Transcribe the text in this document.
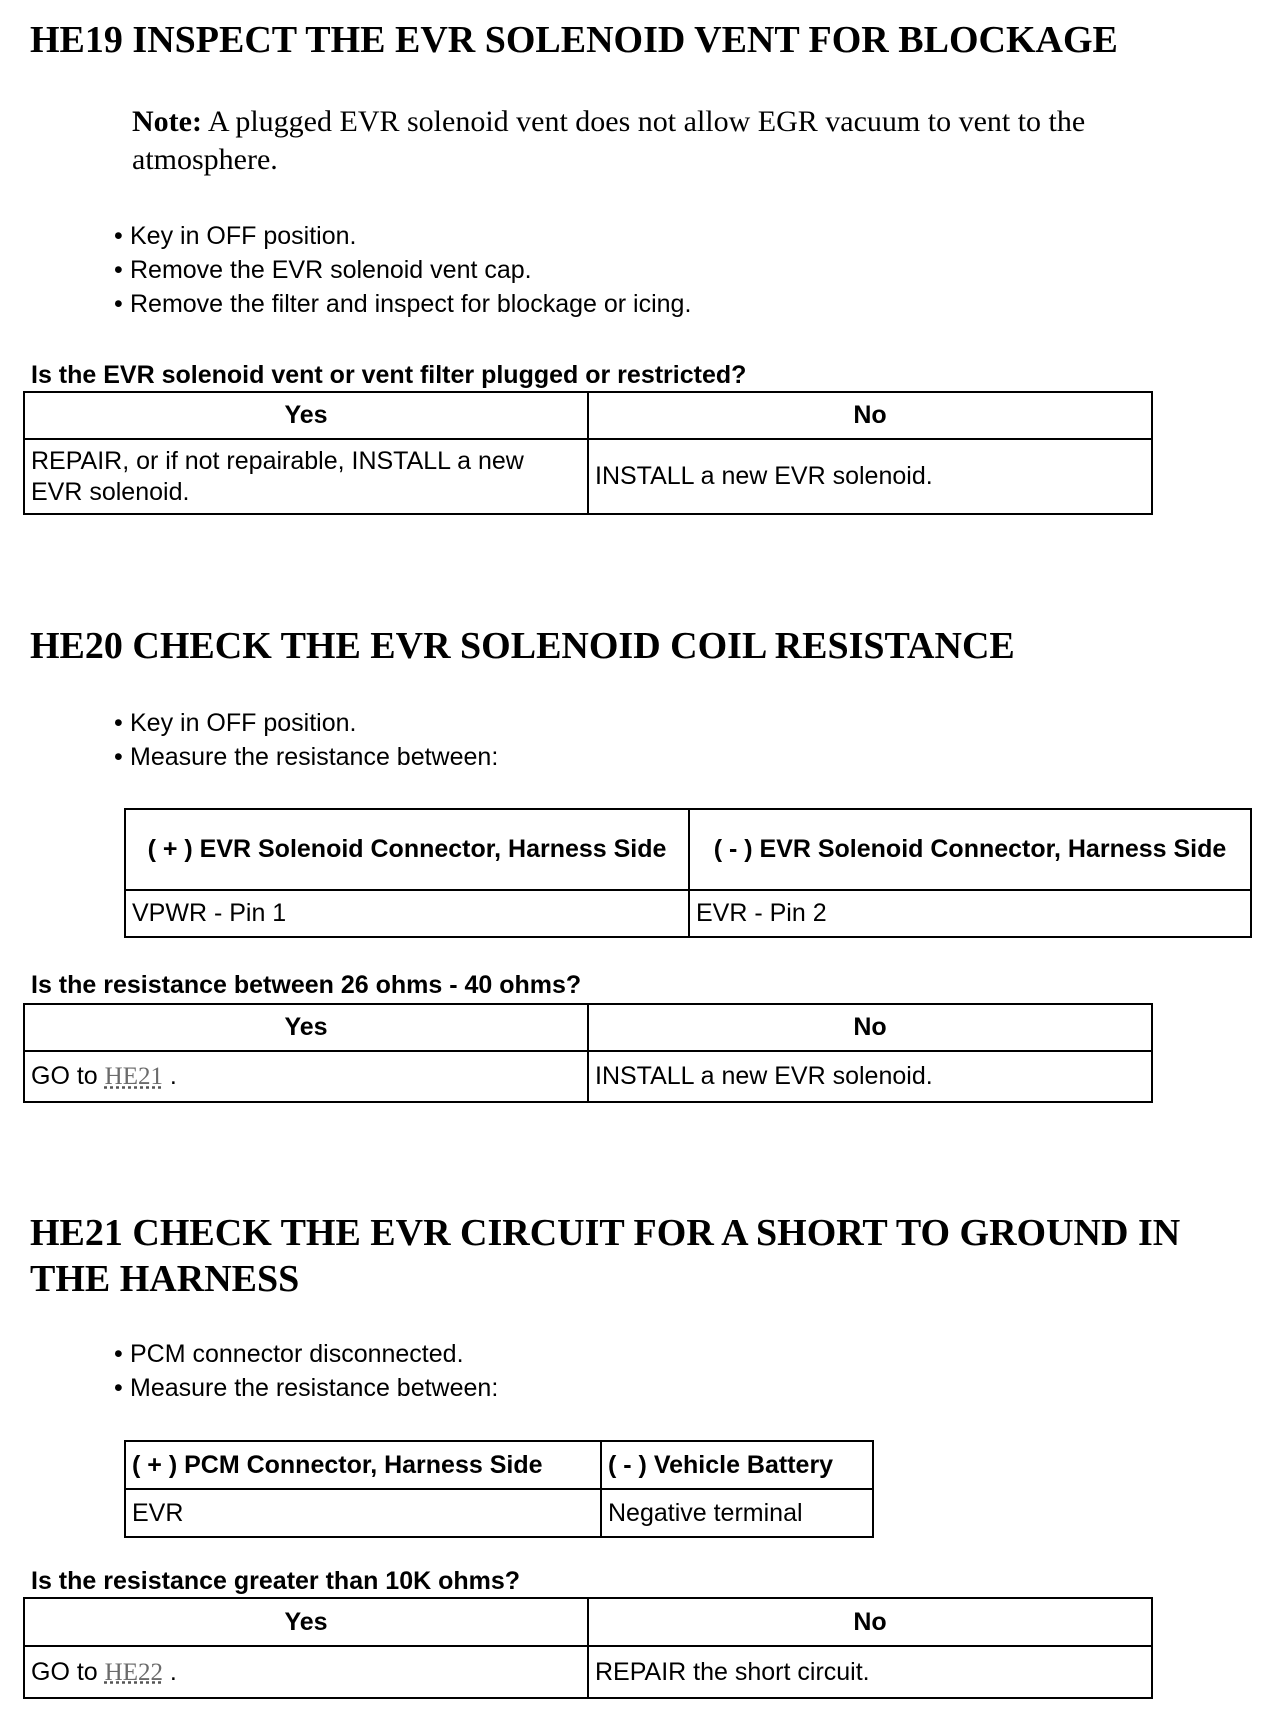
HE19 INSPECT THE EVR SOLENOID VENT FOR BLOCKAGE
Note: A plugged EVR solenoid vent does not allow EGR vacuum to vent to the atmosphere.
• Key in OFF position.
• Remove the EVR solenoid vent cap.
• Remove the filter and inspect for blockage or icing.
Is the EVR solenoid vent or vent filter plugged or restricted?
Yes	No
REPAIR, or if not repairable, INSTALL a new EVR solenoid.	INSTALL a new EVR solenoid.
HE20 CHECK THE EVR SOLENOID COIL RESISTANCE
• Key in OFF position.
• Measure the resistance between:
( + ) EVR Solenoid Connector, Harness Side	( - ) EVR Solenoid Connector, Harness Side
VPWR - Pin 1	EVR - Pin 2
Is the resistance between 26 ohms - 40 ohms?
Yes	No
GO to HE21 .	INSTALL a new EVR solenoid.
HE21 CHECK THE EVR CIRCUIT FOR A SHORT TO GROUND IN THE HARNESS
• PCM connector disconnected.
• Measure the resistance between:
( + ) PCM Connector, Harness Side	( - ) Vehicle Battery
EVR	Negative terminal
Is the resistance greater than 10K ohms?
Yes	No
GO to HE22 .	REPAIR the short circuit.
